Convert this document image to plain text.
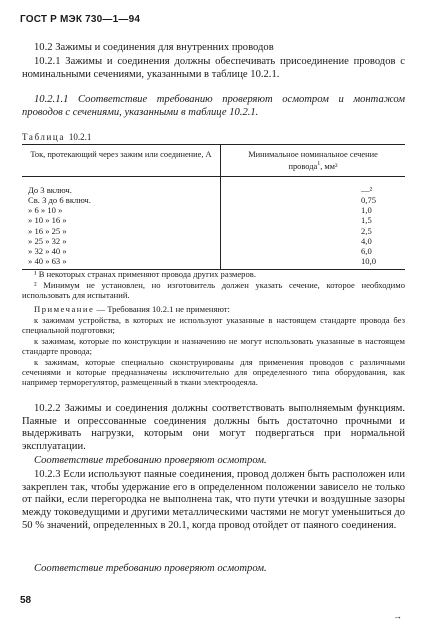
ГОСТ Р МЭК 730—1—94
10.2 Зажимы и соединения для внутренних проводов
10.2.1 Зажимы и соединения должны обеспечивать присоединение проводов с номинальными сечениями, указанными в таблице 10.2.1.
10.2.1.1 Соответствие требованию проверяют осмотром и монтажом проводов с сечениями, указанными в таблице 10.2.1.
Таблица 10.2.1
Ток, протекающий через зажим или соединение, А	Минимальное номинальное сечение
провода$^1$, мм²
До 3 включ.	—²
Св. 3 до 6 включ.	0,75
» 6 » 10 »	1,0
» 10 » 16 »	1,5
» 16 » 25 »	2,5
» 25 » 32 »	4,0
» 32 » 40 »	6,0
» 40 » 63 »	10,0
¹ В некоторых странах применяют провода других размеров.
² Минимум не установлен, но изготовитель должен указать сечение, которое необходимо использовать для испытаний.
Примечание — Требования 10.2.1 не применяют:
к зажимам устройства, в которых не используют указанные в настоящем стандарте провода без специальной подготовки;
к зажимам, которые по конструкции и назначению не могут использовать указанные в настоящем стандарте провода;
к зажимам, которые специально сконструированы для применения проводов с различными сечениями и которые предназначены исключительно для определенного типа оборудования, как например терморегулятор, размещенный в ткани электроодеяла.
10.2.2 Зажимы и соединения должны соответствовать выполняемым функциям. Паяные и опрессованные соединения должны быть достаточно прочными и выдерживать нагрузки, которым они могут подвергаться при нормальной эксплуатации.
Соответствие требованию проверяют осмотром.
10.2.3 Если используют паяные соединения, провод должен быть расположен или закреплен так, чтобы удержание его в определенном положении зависело не только от пайки, если перегородка не выполнена так, что пути утечки и воздушные зазоры между токоведущими и другими металлическими частями не могут уменьшиться до 50 % значений, определенных в 20.1, когда провод отойдет от паяного соединения.
Соответствие требованию проверяют осмотром.
58
→
